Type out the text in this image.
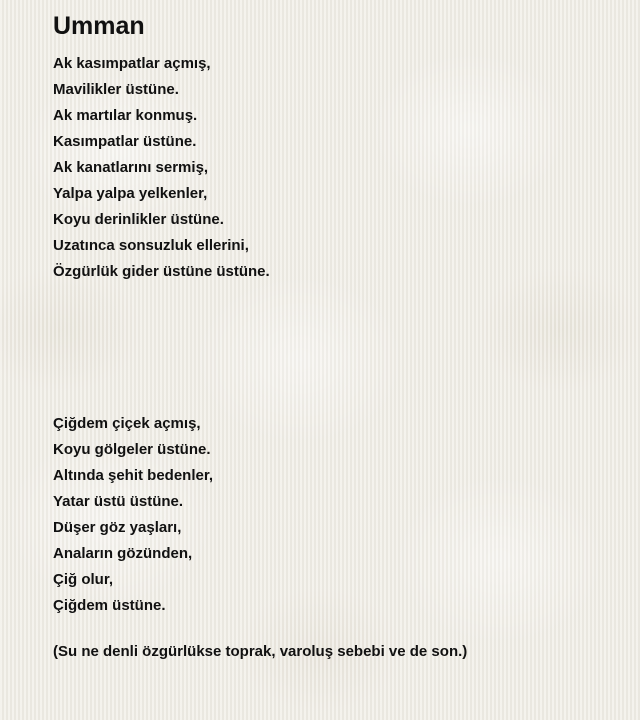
Umman
Ak kasımpatlar açmış,
Mavilikler üstüne.
Ak martılar konmuş.
Kasımpatlar üstüne.
Ak kanatlarını sermiş,
Yalpa yalpa yelkenler,
Koyu derinlikler üstüne.
Uzatınca sonsuzluk ellerini,
Özgürlük gider üstüne üstüne.
Çiğdem çiçek açmış,
Koyu gölgeler üstüne.
Altında şehit bedenler,
Yatar üstü üstüne.
Düşer göz yaşları,
Anaların gözünden,
Çiğ olur,
Çiğdem üstüne.
(Su ne denli özgürlükse toprak, varoluş sebebi ve de son.)
